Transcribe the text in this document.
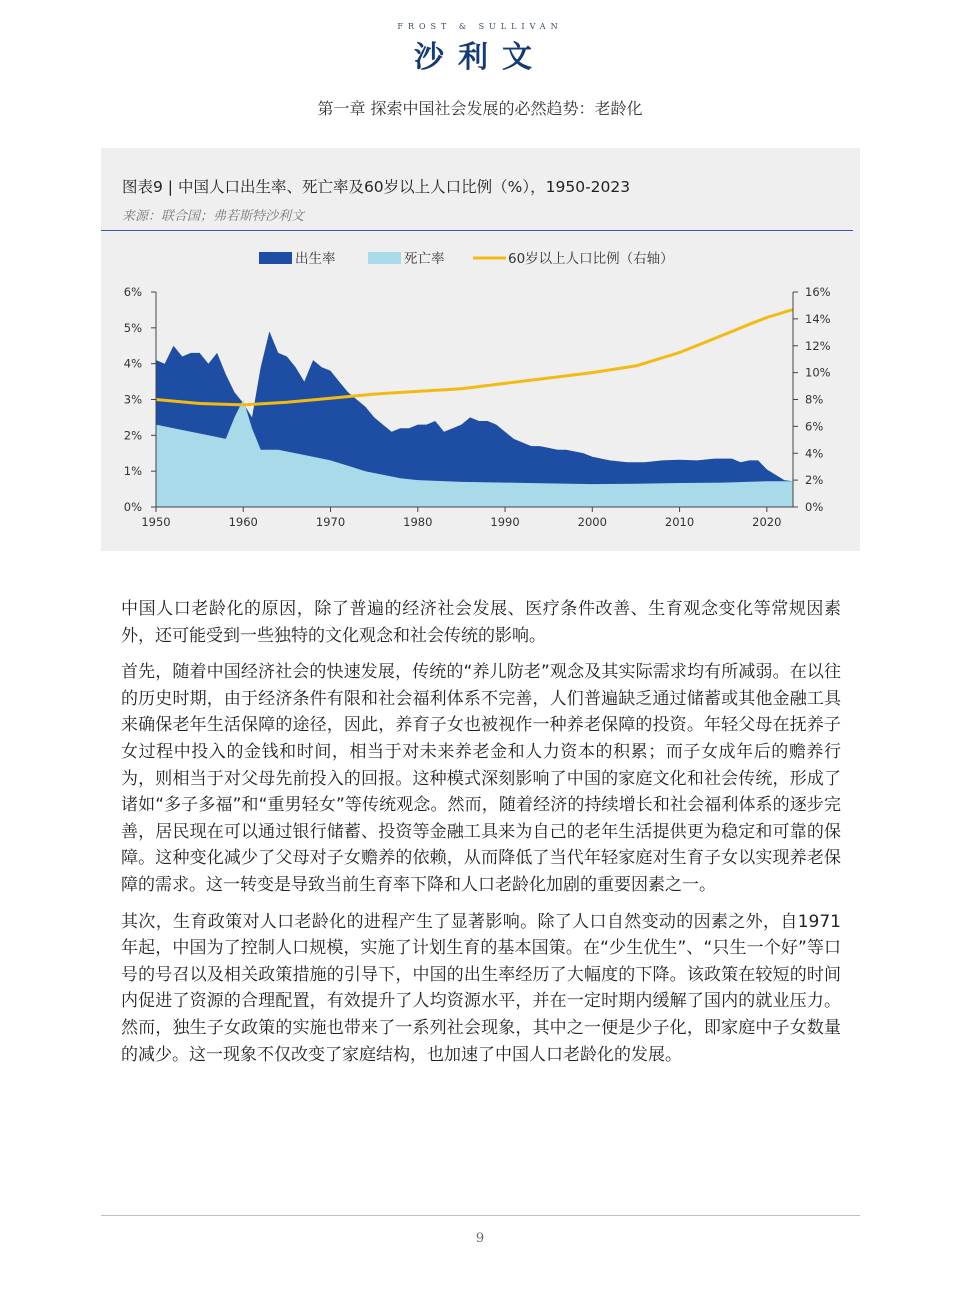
FROST & SULLIVAN
沙利文
第一章 探索中国社会发展的必然趋势：老龄化
图表9 | 中国人口出生率、死亡率及60岁以上人口比例（%），1950-2023
来源：联合国；弗若斯特沙利文
0%
1%
2%
3%
4%
5%
6%
0%
2%
4%
6%
8%
10%
12%
14%
16%
1950	1960	1970	1980	1990	2000	2010	2020
出生率	死亡率	60岁以上人口比例（右轴）

中国人口老龄化的原因，除了普遍的经济社会发展、医疗条件改善、生育观念变化等常规因素外，还可能受到一些独特的文化观念和社会传统的影响。

首先，随着中国经济社会的快速发展，传统的“养儿防老”观念及其实际需求均有所减弱。在以往的历史时期，由于经济条件有限和社会福利体系不完善，人们普遍缺乏通过储蓄或其他金融工具来确保老年生活保障的途径，因此，养育子女也被视作一种养老保障的投资。年轻父母在抚养子女过程中投入的金钱和时间，相当于对未来养老金和人力资本的积累；而子女成年后的赡养行为，则相当于对父母先前投入的回报。这种模式深刻影响了中国的家庭文化和社会传统，形成了诸如“多子多福”和“重男轻女”等传统观念。然而，随着经济的持续增长和社会福利体系的逐步完善，居民现在可以通过银行储蓄、投资等金融工具来为自己的老年生活提供更为稳定和可靠的保障。这种变化减少了父母对子女赡养的依赖，从而降低了当代年轻家庭对生育子女以实现养老保障的需求。这一转变是导致当前生育率下降和人口老龄化加剧的重要因素之一。

其次，生育政策对人口老龄化的进程产生了显著影响。除了人口自然变动的因素之外，自1971年起，中国为了控制人口规模，实施了计划生育的基本国策。在“少生优生”、“只生一个好”等口号的号召以及相关政策措施的引导下，中国的出生率经历了大幅度的下降。该政策在较短的时间内促进了资源的合理配置，有效提升了人均资源水平，并在一定时期内缓解了国内的就业压力。然而，独生子女政策的实施也带来了一系列社会现象，其中之一便是少子化，即家庭中子女数量的减少。这一现象不仅改变了家庭结构，也加速了中国人口老龄化的发展。

9
